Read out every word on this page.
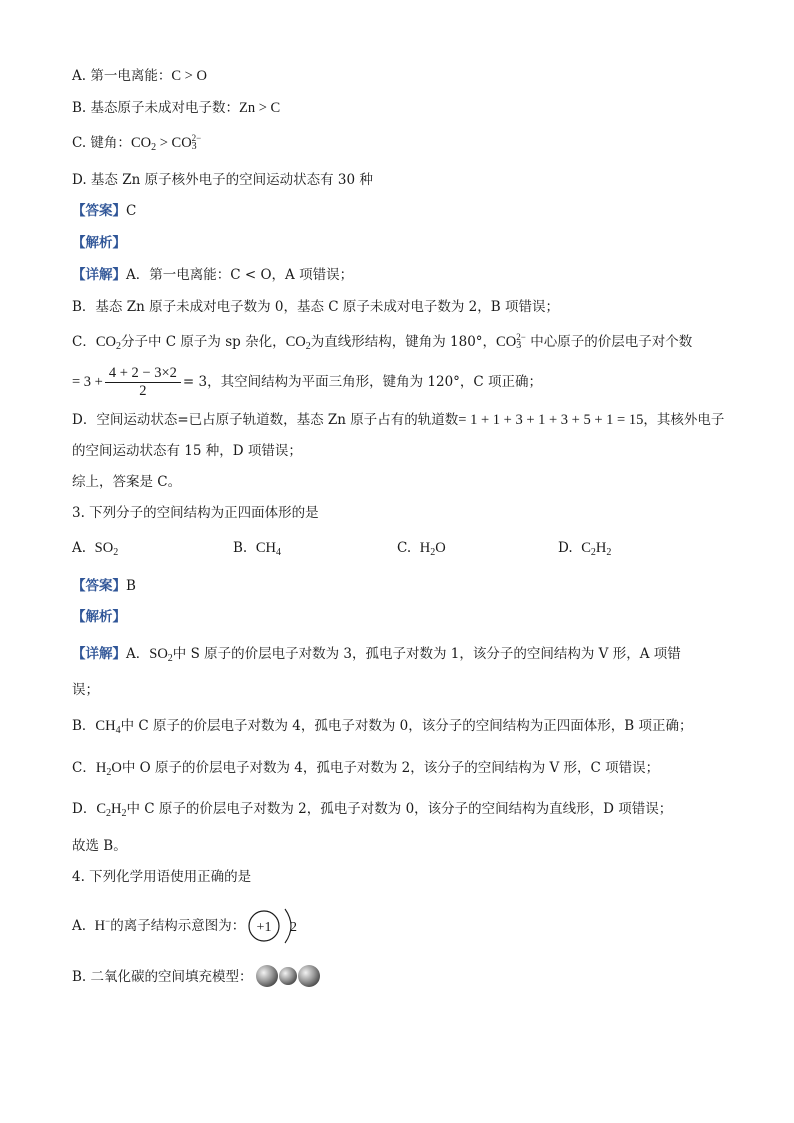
A. 第一电离能：C > O
B. 基态原子未成对电子数：Zn > C
C. 键角：$CO_2$ > CO 2−
3
D. 基态 Zn 原子核外电子的空间运动状态有 30 种
【答案】C
【解析】
【详解】A．第一电离能：C < O，A 项错误；
B．基态 Zn 原子未成对电子数为 0，基态 C 原子未成对电子数为 2，B 项错误；
C．$CO_2$分子中 C 原子为 sp 杂化，$CO_2$为直线形结构，键角为 180°，CO 2−
3 中心原子的价层电子对个数
= $3 + \frac{4 + 2 - 3\times 2}{2} = 3$，其空间结构为平面三角形，键角为 120°，C 项正确；
D．空间运动状态=已占原子轨道数，基态 Zn 原子占有的轨道数= 1 + 1 + 3 + 1 + 3 + 5 + 1 = 15，其核外电子
的空间运动状态有 15 种，D 项错误；
综上，答案是 C。
3. 下列分子的空间结构为正四面体形的是
A. $SO_2$	B. $CH_4$	C. $H_2O$	D. $C_2H_2$
【答案】B
【解析】
【详解】A．$SO_2$中 S 原子的价层电子对数为 3，孤电子对数为 1，该分子的空间结构为 V 形，A 项错
误；
B．$CH_4$中 C 原子的价层电子对数为 4，孤电子对数为 0，该分子的空间结构为正四面体形，B 项正确；
C．$H_2O$中 O 原子的价层电子对数为 4，孤电子对数为 2，该分子的空间结构为 V 形，C 项错误；
D．$C_2H_2$中 C 原子的价层电子对数为 2，孤电子对数为 0，该分子的空间结构为直线形，D 项错误；
故选 B。
4. 下列化学用语使用正确的是
A.
H− 的离子结构示意图为： +1 2
B. 二氧化碳的空间填充模型：
